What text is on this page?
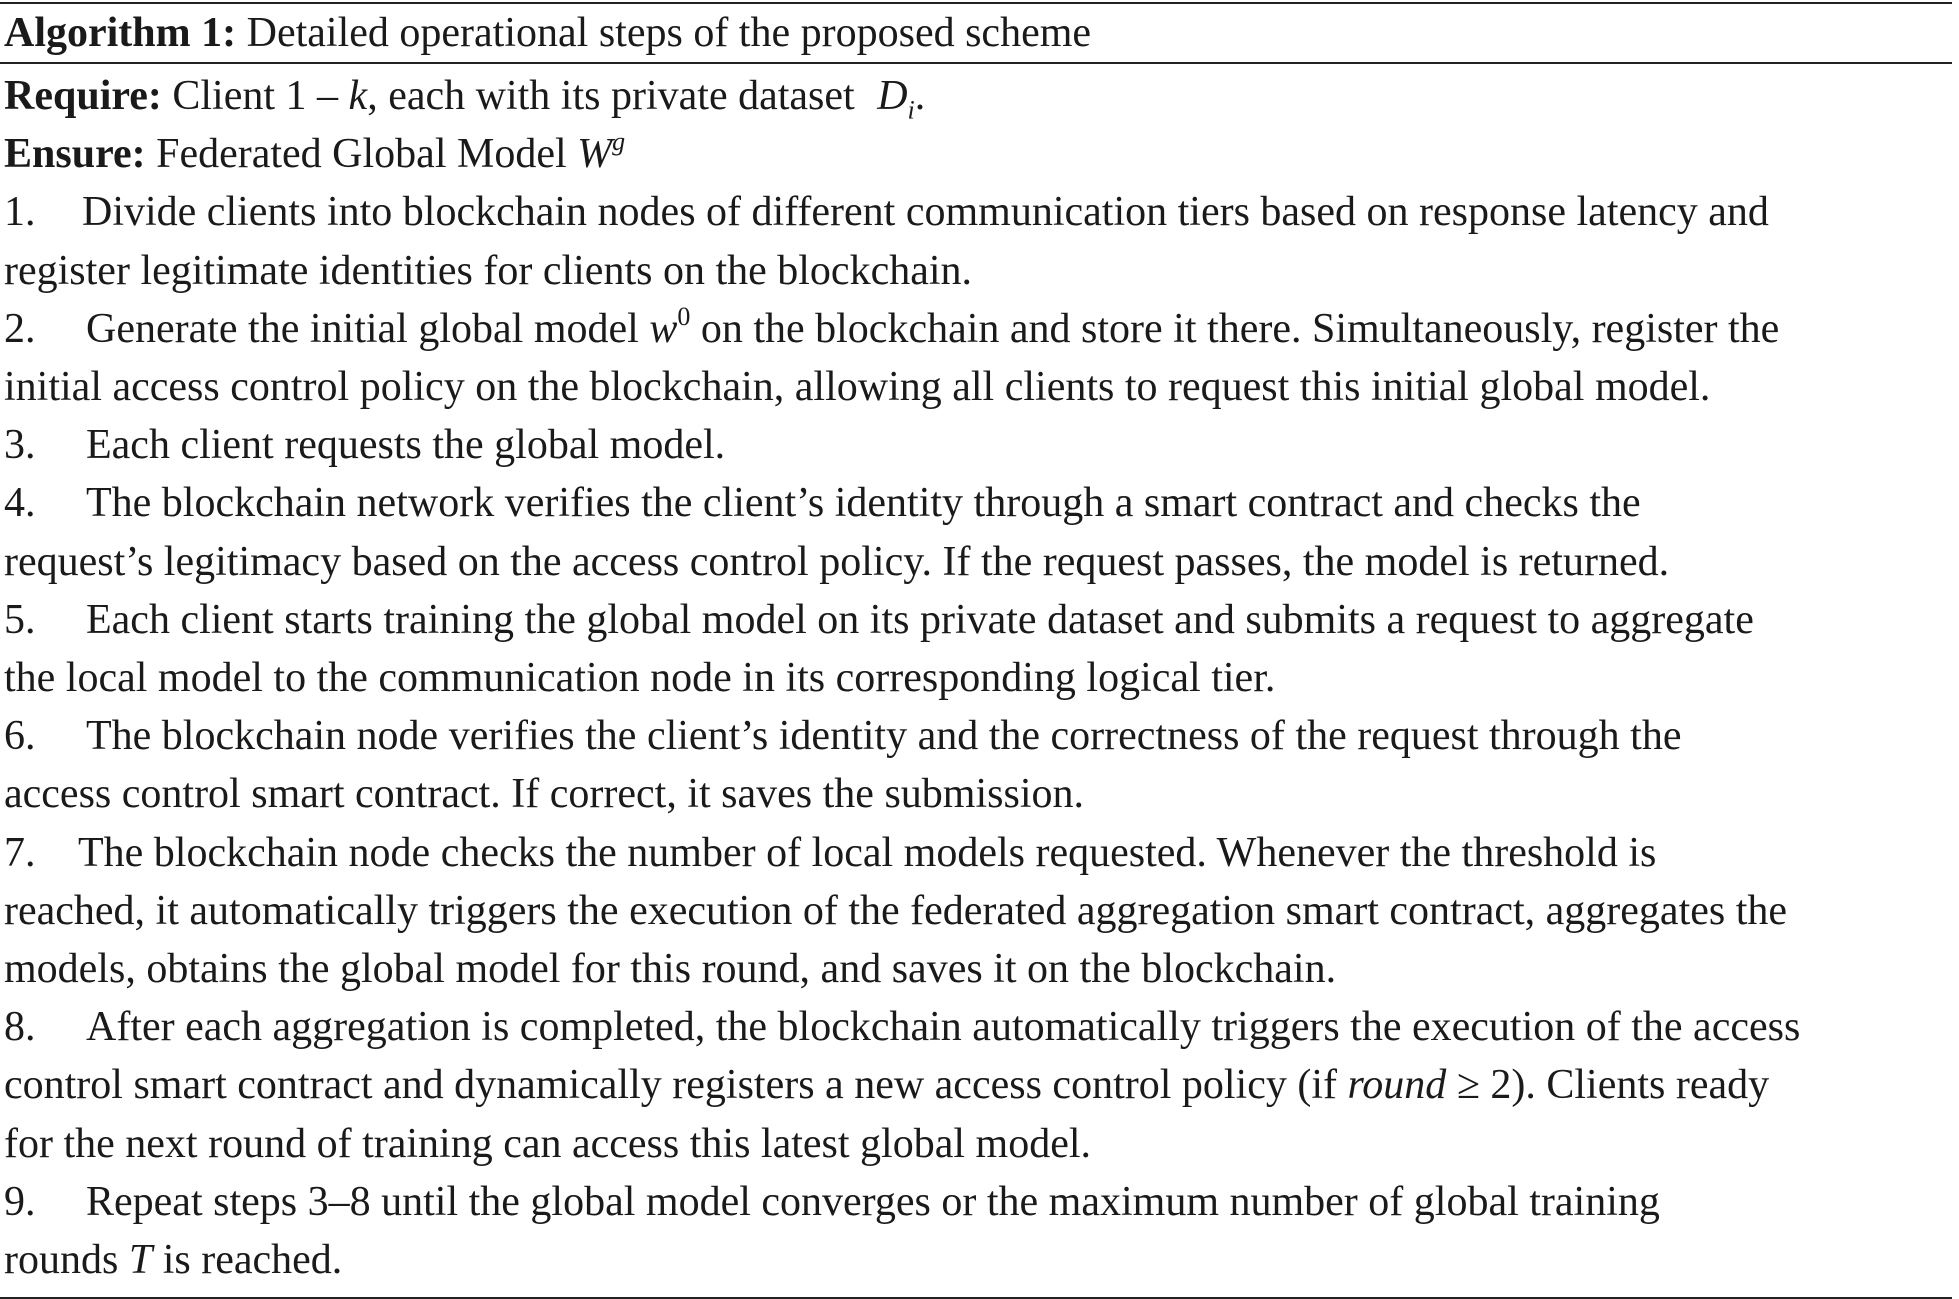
Algorithm 1: Detailed operational steps of the proposed scheme
Require: Client 1 – k, each with its private dataset $D_i$.
Ensure: Federated Global Model $W^g$
1. Divide clients into blockchain nodes of different communication tiers based on response latency and
register legitimate identities for clients on the blockchain.
2. Generate the initial global model $w^0$ on the blockchain and store it there. Simultaneously, register the
initial access control policy on the blockchain, allowing all clients to request this initial global model.
3. Each client requests the global model.
4. The blockchain network verifies the client’s identity through a smart contract and checks the
request’s legitimacy based on the access control policy. If the request passes, the model is returned.
5. Each client starts training the global model on its private dataset and submits a request to aggregate
the local model to the communication node in its corresponding logical tier.
6. The blockchain node verifies the client’s identity and the correctness of the request through the
access control smart contract. If correct, it saves the submission.
7. The blockchain node checks the number of local models requested. Whenever the threshold is
reached, it automatically triggers the execution of the federated aggregation smart contract, aggregates the
models, obtains the global model for this round, and saves it on the blockchain.
8. After each aggregation is completed, the blockchain automatically triggers the execution of the access
control smart contract and dynamically registers a new access control policy (if round ≥ 2). Clients ready
for the next round of training can access this latest global model.
9. Repeat steps 3–8 until the global model converges or the maximum number of global training
rounds T is reached.
